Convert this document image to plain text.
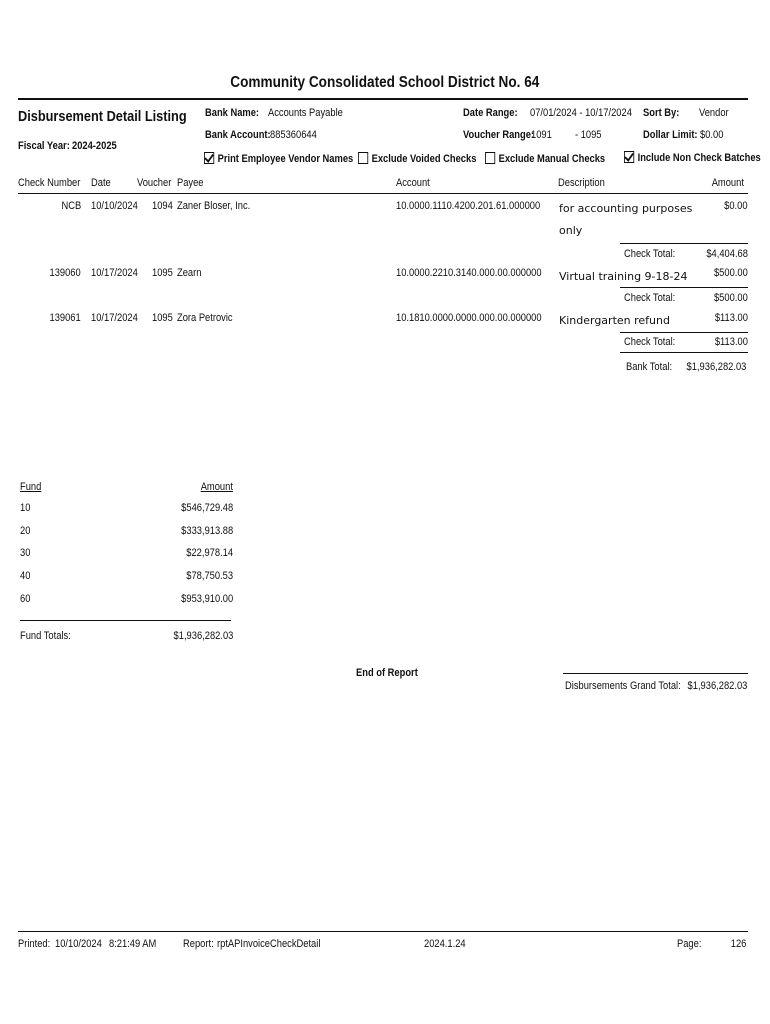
Community Consolidated School District No. 64
Disbursement Detail Listing
Fiscal Year: 2024-2025
Bank Name: Accounts Payable
Bank Account: 885360644
Date Range: 07/01/2024 - 10/17/2024
Voucher Range:
1091 - 1095
Sort By: Vendor
Dollar Limit: $0.00
Print Employee Vendor Names	Exclude Voided Checks	Exclude Manual Checks	Include Non Check Batches
Check Number Date Voucher Payee	Account	Description	Amount
NCB 10/10/2024 1094 Zaner Bloser, Inc.	10.0000.1110.4200.201.61.000000 for accounting purposes
only
$0.00
Check Total:	$4,404.68
139060 10/17/2024 1095 Zearn	10.0000.2210.3140.000.00.000000 Virtual training 9-18-24 $500.00
Check Total:	$500.00
139061 10/17/2024 1095 Zora Petrovic	10.1810.0000.0000.000.00.000000 Kindergarten refund	$113.00
Check Total:	$113.00
Bank Total: $1,936,282.03
Fund	Amount
10	$546,729.48
20	$333,913.88
30	$22,978.14
40	$78,750.53
60	$953,910.00
Fund Totals:	$1,936,282.03
End of Report
Disbursements Grand Total: $1,936,282.03
Printed: 10/10/2024 8:21:49 AM Report: rptAPInvoiceCheckDetail	2024.1.24	Page:	126
